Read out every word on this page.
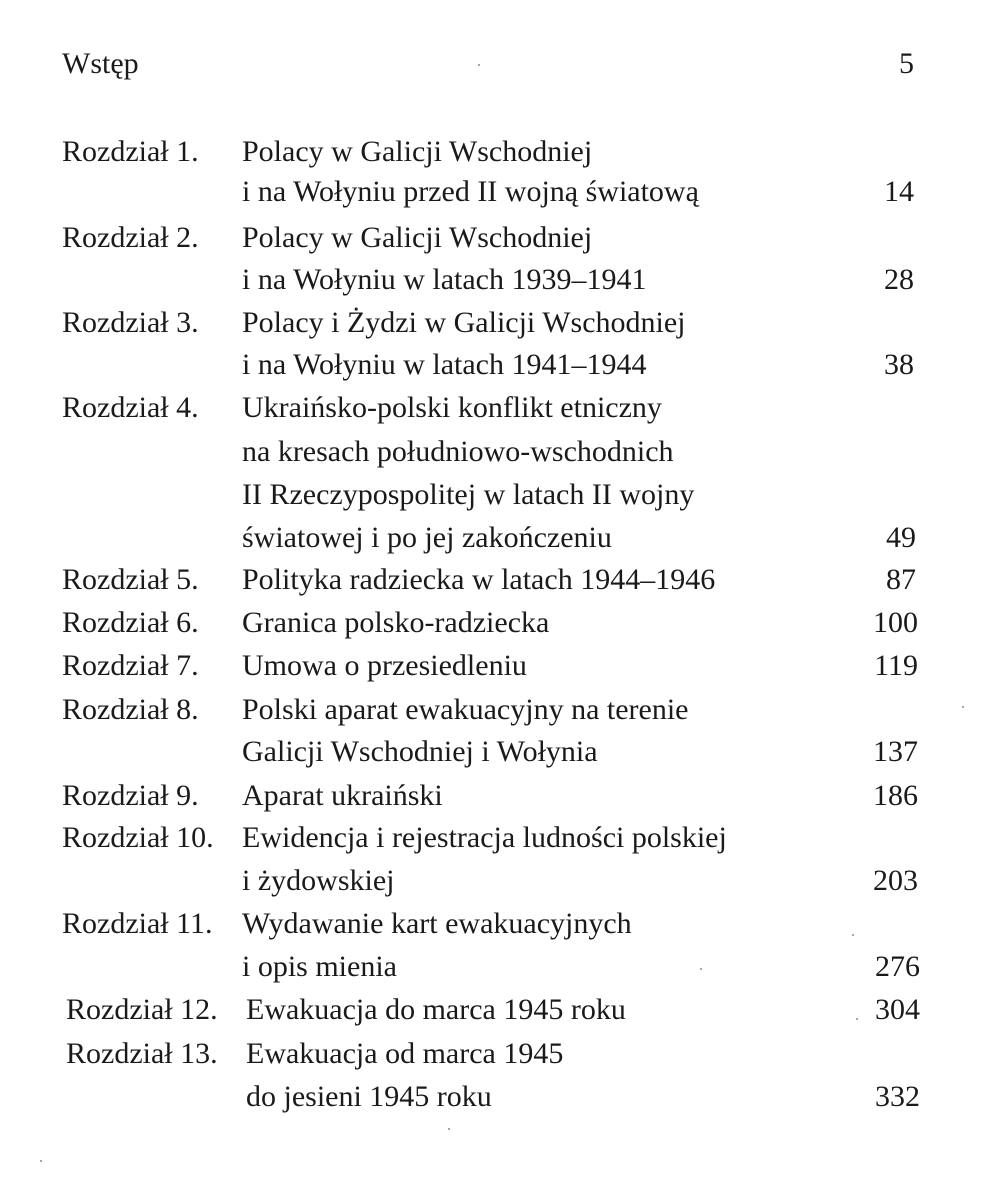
Wstęp	5
Rozdział 1. Polacy w Galicji Wschodniej
i na Wołyniu przed II wojną światową	14
Rozdział 2. Polacy w Galicji Wschodniej
i na Wołyniu w latach 1939–1941	28
Rozdział 3. Polacy i Żydzi w Galicji Wschodniej
i na Wołyniu w latach 1941–1944	38
Rozdział 4. Ukraińsko-polski konflikt etniczny
na kresach południowo-wschodnich
II Rzeczypospolitej w latach II wojny
światowej i po jej zakończeniu	49
Rozdział 5. Polityka radziecka w latach 1944–1946	87
Rozdział 6. Granica polsko-radziecka	100
Rozdział 7. Umowa o przesiedleniu	119
Rozdział 8. Polski aparat ewakuacyjny na terenie
Galicji Wschodniej i Wołynia	137
Rozdział 9. Aparat ukraiński	186
Rozdział 10. Ewidencja i rejestracja ludności polskiej
i żydowskiej	203
Rozdział 11. Wydawanie kart ewakuacyjnych
i opis mienia	276
Rozdział 12. Ewakuacja do marca 1945 roku	304
Rozdział 13. Ewakuacja od marca 1945
do jesieni 1945 roku	332
